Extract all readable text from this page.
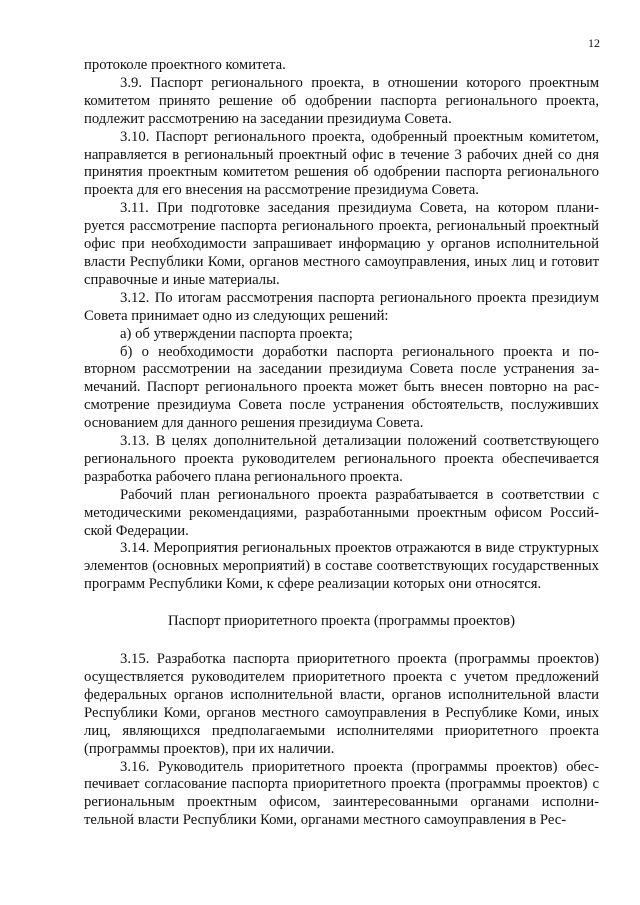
12

протоколе проектного комитета.

3.9. Паспорт регионального проекта, в отношении которого проектным комитетом принято решение об одобрении паспорта регионального проекта, подлежит рассмотрению на заседании президиума Совета.

3.10. Паспорт регионального проекта, одобренный проектным комитетом, направляется в региональный проектный офис в течение 3 рабочих дней со дня принятия проектным комитетом решения об одобрении паспорта регионального проекта для его внесения на рассмотрение президиума Совета.

3.11. При подготовке заседания президиума Совета, на котором планируется рассмотрение паспорта регионального проекта, региональный проектный офис при необходимости запрашивает информацию у органов исполнительной власти Республики Коми, органов местного самоуправления, иных лиц и готовит справочные и иные материалы.

3.12. По итогам рассмотрения паспорта регионального проекта президиум Совета принимает одно из следующих решений:

а) об утверждении паспорта проекта;

б) о необходимости доработки паспорта регионального проекта и повторном рассмотрении на заседании президиума Совета после устранения замечаний. Паспорт регионального проекта может быть внесен повторно на рассмотрение президиума Совета после устранения обстоятельств, послуживших основанием для данного решения президиума Совета.

3.13. В целях дополнительной детализации положений соответствующего регионального проекта руководителем регионального проекта обеспечивается разработка рабочего плана регионального проекта.

Рабочий план регионального проекта разрабатывается в соответствии с методическими рекомендациями, разработанными проектным офисом Российской Федерации.

3.14. Мероприятия региональных проектов отражаются в виде структурных элементов (основных мероприятий) в составе соответствующих государственных программ Республики Коми, к сфере реализации которых они относятся.

Паспорт приоритетного проекта (программы проектов)

3.15. Разработка паспорта приоритетного проекта (программы проектов) осуществляется руководителем приоритетного проекта с учетом предложений федеральных органов исполнительной власти, органов исполнительной власти Республики Коми, органов местного самоуправления в Республике Коми, иных лиц, являющихся предполагаемыми исполнителями приоритетного проекта (программы проектов), при их наличии.

3.16. Руководитель приоритетного проекта (программы проектов) обеспечивает согласование паспорта приоритетного проекта (программы проектов) с региональным проектным офисом, заинтересованными органами исполнительной власти Республики Коми, органами местного самоуправления в Рес-
